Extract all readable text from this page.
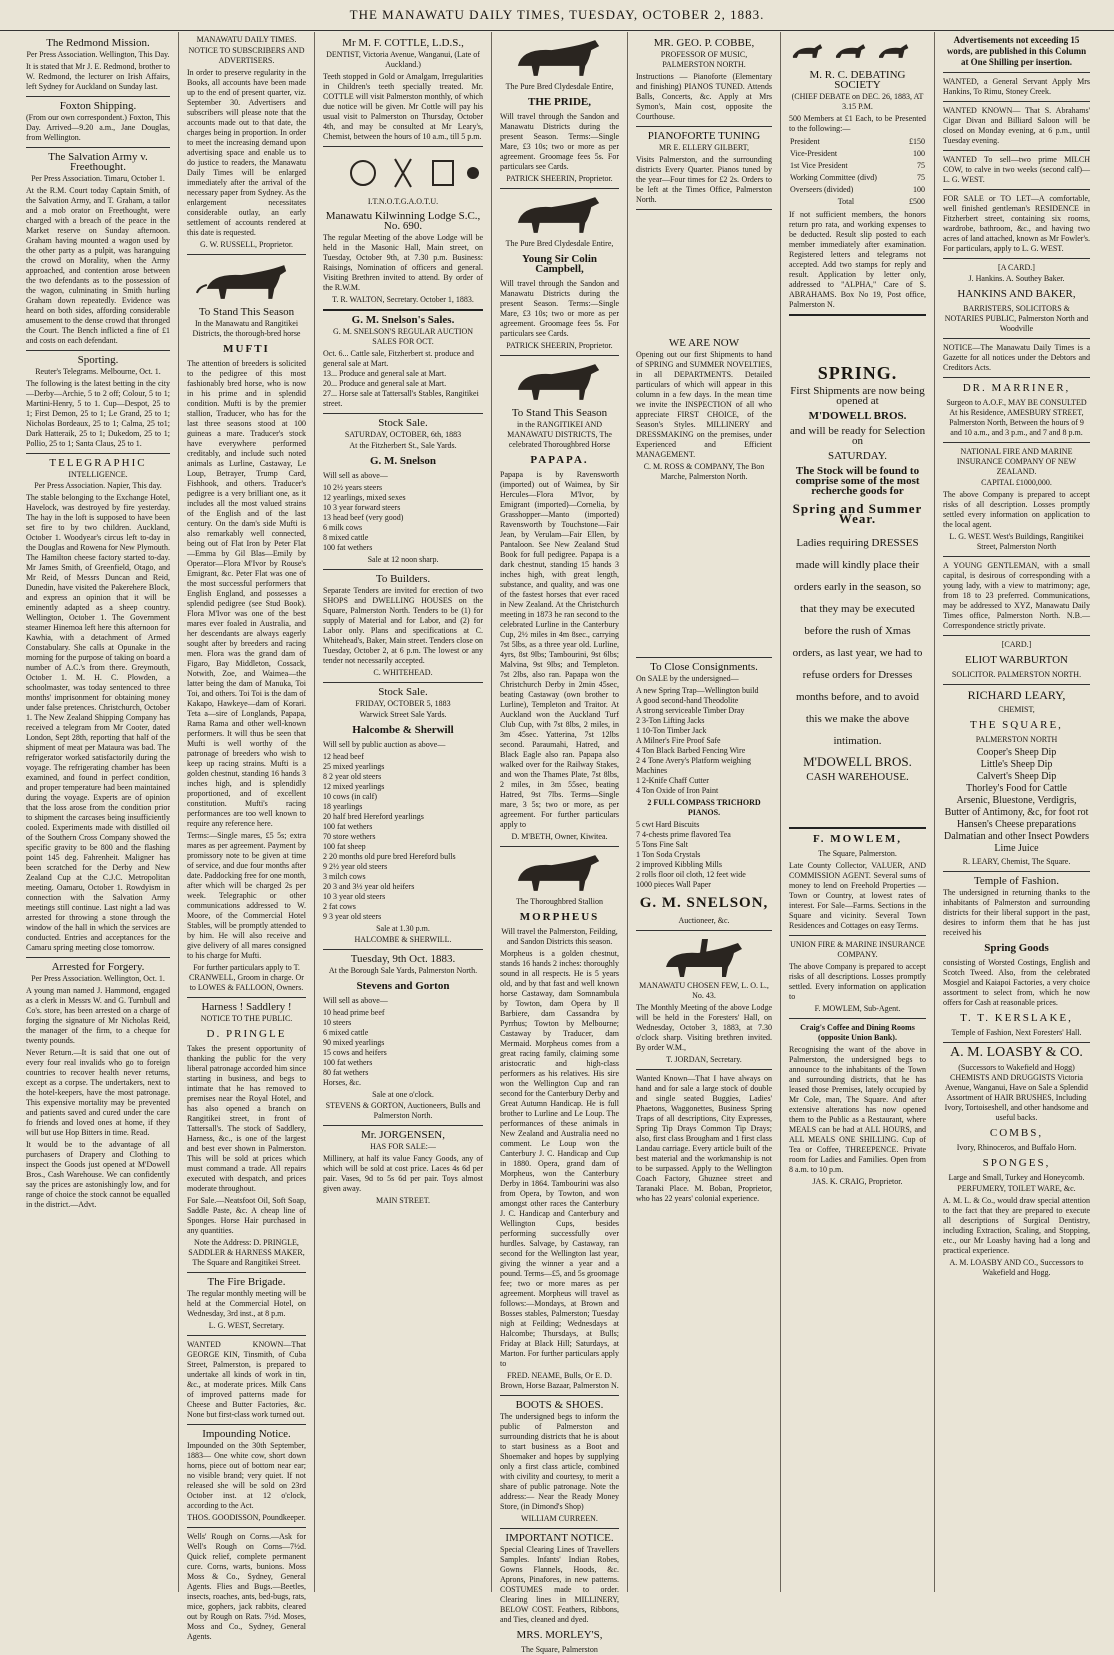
THE MANAWATU DAILY TIMES, TUESDAY, OCTOBER 2, 1883.
The Redmond Mission.
Per Press Association. Wellington, This Day.

It is stated that Mr J. E. Redmond, brother to W. Redmond, the lecturer on Irish Affairs, left Sydney for Auckland on Sunday last.

Foxton Shipping.

(From our own correspondent.) Foxton, This Day. Arrived—9.20 a.m., Jane Douglas, from Wellington.

The Salvation Army v. Freethought.
Per Press Association. Timaru, October 1.

At the R.M. Court today Captain Smith, of the Salvation Army, and T. Graham, a tailor and a mob orator on Freethought, were charged with a breach of the peace in the Market reserve on Sunday afternoon. Graham having mounted a wagon used by the other party as a pulpit, was haranguing the crowd on Morality, when the Army approached, and contention arose between the two defendants as to the possession of the wagon, culminating in Smith hurling Graham down repeatedly. Evidence was heard on both sides, affording considerable amusement to the dense crowd that thronged the Court. The Bench inflicted a fine of £1 and costs on each defendant.

Sporting.
Reuter's Telegrams. Melbourne, Oct. 1.

The following is the latest betting in the city—Derby—Archie, 5 to 2 off; Colour, 5 to 1; Martini-Henry, 5 to 1. Cup—Despot, 25 to 1; First Demon, 25 to 1; Le Grand, 25 to 1; Nicholas Bordeaux, 25 to 1; Calma, 25 to1; Dark Hatteraik, 25 to 1; Dukedom, 25 to 1; Pollio, 25 to 1; Santa Claus, 25 to 1.

TELEGRAPHIC
INTELLIGENCE.
Per Press Association. Napier, This day.

The stable belonging to the Exchange Hotel, Havelock, was destroyed by fire yesterday. The hay in the loft is supposed to have been set fire to by two children. Auckland, October 1. Woodyear's circus left to-day in the Douglas and Rowena for New Plymouth. The Hamilton cheese factory started to-day. Mr James Smith, of Greenfield, Otago, and Mr Reid, of Messrs Duncan and Reid, Dunedin, have visited the Pakerehere Block, and express an opinion that it will be eminently adapted as a sheep country. Wellington, October 1. The Government steamer Hinemoa left here this afternoon for Kawhia, with a detachment of Armed Constabulary. She calls at Opunake in the morning for the purpose of taking on board a number of A.C.'s from there. Greymouth, October 1. M. H. C. Plowden, a schoolmaster, was today sentenced to three months' imprisonment for obtaining money under false pretences. Christchurch, October 1. The New Zealand Shipping Company has received a telegram from Mr Cooter, dated London, Sept 28th, reporting that half of the shipment of meat per Mataura was bad. The refrigerator worked satisfactorily during the voyage. The refrigerating chamber has been examined, and found in perfect condition, and proper temperature had been maintained during the voyage. Experts are of opinion that the loss arose from the condition prior to shipment the carcases being insufficiently cooled. Experiments made with distilled oil of the Southern Cross Company showed the specific gravity to be 800 and the flashing point 145 deg. Fahrenheit. Maligner has been scratched for the Derby and New Zealand Cup at the C.J.C. Metropolitan meeting. Oamaru, October 1. Rowdyism in connection with the Salvation Army meetings still continue. Last night a lad was arrested for throwing a stone through the window of the hall in which the services are conducted. Entries and acceptances for the Camaru spring meeting close tomorrow.

Arrested for Forgery.
Per Press Association. Wellington, Oct. 1.

A young man named J. Hammond, engaged as a clerk in Messrs W. and G. Turnbull and Co's. store, has been arrested on a charge of forging the signature of Mr Nicholas Reid, the manager of the firm, to a cheque for twenty pounds.

Never Return.—It is said that one out of every four real invalids who go to foreign countries to recover health never returns, except as a corpse. The undertakers, next to the hotel-keepers, have the most patronage. This expensive mortality may be prevented and patients saved and cured under the care fo friends and loved ones at home, if they will but use Hop Bitters in time. Read.

It would be to the advantage of all purchasers of Drapery and Clothing to inspect the Goods just opened at M'Dowell Bros., Cash Warehouse. We can confidently say the prices are astonishingly low, and for range of choice the stock cannot be equalled in the district.—Advt.

MANAWATU DAILY TIMES.
NOTICE TO SUBSCRIBERS AND ADVERTISERS.

In order to preserve regularity in the Books, all accounts have been made up to the end of present quarter, viz. September 30. Advertisers and subscribers will please note that the accounts made out to that date, the charges being in proportion. In order to meet the increasing demand upon advertising space and enable us to do justice to readers, the Manawatu Daily Times will be enlarged immediately after the arrival of the necessary paper from Sydney. As the enlargement necessitates considerable outlay, an early settlement of accounts rendered at this date is requested.

G. W. RUSSELL, Proprietor.
To Stand This Season
In the Manawatu and Rangitikei Districts, the thorough-bred horse
MUFTI

The attention of breeders is solicited to the pedigree of this most fashionably bred horse, who is now in his prime and in splendid condition. Mufti is by the premier stallion, Traducer, who has for the last three seasons stood at 100 guineas a mare. Traducer's stock have everywhere performed creditably, and include such noted animals as Lurline, Castaway, Le Loup, Betrayer, Trump Card, Fishhook, and others. Traducer's pedigree is a very brilliant one, as it includes all the most valued strains of the English and of the last century. On the dam's side Mufti is also remarkably well connected, being out of Flat Iron by Peter Flat—Emma by Gil Blas—Emily by Operator—Flora M'Ivor by Rouse's Emigrant, &c. Peter Flat was one of the most successful performers that English England, and possesses a splendid pedigree (see Stud Book). Flora M'Ivor was one of the best mares ever foaled in Australia, and her descendants are always eagerly sought after by breeders and racing men. Flora was the grand dam of Figaro, Bay Middleton, Cossack, Notwith, Zoe, and Waimea—the latter being the dam of Manuka, Toi Toi, and others. Toi Toi is the dam of Kakapo, Hawkeye—dam of Korari. Teta a—sire of Longlands, Papapa, Rama Rama and other well-known performers. It will thus be seen that Mufti is well worthy of the patronage of breeders who wish to keep up racing strains. Mufti is a golden chestnut, standing 16 hands 3 inches high, and is splendidly proportioned, and of excellent constitution. Mufti's racing performances are too well known to require any reference here.

Terms:—Single mares, £5 5s; extra mares as per agreement. Payment by promissory note to be given at time of service, and due four months after date. Paddocking free for one month, after which will be charged 2s per week. Telegraphic or other communications addressed to W. Moore, of the Commercial Hotel Stables, will be promptly attended to by him. He will also receive and give delivery of all mares consigned to his charge for Mufti.

For further particulars apply to T. CRANWELL, Groom in charge. Or to LOWES & FALLOON, Owners.
Harness ! Saddlery !
NOTICE TO THE PUBLIC.
D. PRINGLE

Takes the present opportunity of thanking the public for the very liberal patronage accorded him since starting in business, and begs to intimate that he has removed to premises near the Royal Hotel, and has also opened a branch on Rangitikei street, in front of Tattersall's. The stock of Saddlery, Harness, &c., is one of the largest and best ever shown in Palmerston. This will be sold at prices which must command a trade. All repairs executed with despatch, and prices moderate throughout.

For Sale.—Neatsfoot Oil, Soft Soap, Saddle Paste, &c. A cheap line of Sponges. Horse Hair purchased in any quantities.

Note the Address: D. PRINGLE, SADDLER & HARNESS MAKER, The Square and Rangitikei Street.
The Fire Brigade.

The regular monthly meeting will be held at the Commercial Hotel, on Wednesday, 3rd inst., at 8 p.m.

L. G. WEST, Secretary.

WANTED KNOWN—That GEORGE KIN, Tinsmith, of Cuba Street, Palmerston, is prepared to undertake all kinds of work in tin, &c., at moderate prices. Milk Cans of improved patterns made for Cheese and Butter Factories, &c. None but first-class work turned out.

Impounding Notice.

Impounded on the 30th September, 1883— One white cow, short down horns, piece out of bottom near ear; no visible brand; very quiet. If not released she will be sold on 23rd October inst. at 12 o'clock, according to the Act.

THOS. GOODISSON, Poundkeeper.

Wells' Rough on Corns.—Ask for Well's Rough on Corns—7½d. Quick relief, complete permanent cure. Corns, warts, bunions. Moss Moss & Co., Sydney, General Agents. Flies and Bugs.—Beetles, insects, roaches, ants, bed-bugs, rats, mice, gophers, jack rabbits, cleared out by Rough on Rats. 7½d. Moses, Moss and Co., Sydney, General Agents.

Mr M. F. COTTLE, L.D.S.,
DENTIST, Victoria Avenue, Wanganui, (Late of Auckland.)

Teeth stopped in Gold or Amalgam, Irregularities in Children's teeth specially treated. Mr. COTTLE will visit Palmerston monthly, of which due notice will be given. Mr Cottle will pay his usual visit to Palmerston on Thursday, October 4th, and may be consulted at Mr Leary's, Chemist, between the hours of 10 a.m., till 5 p.m.

I.T.N.O.T.G.A.O.T.U.
Manawatu Kilwinning Lodge S.C., No. 690.

The regular Meeting of the above Lodge will be held in the Masonic Hall, Main street, on Tuesday, October 9th, at 7.30 p.m. Business: Raisings, Nomination of officers and general. Visiting Brethren invited to attend. By order of the R.W.M.

T. R. WALTON, Secretary. October 1, 1883.
G. M. Snelson's Sales.
G. M. SNELSON'S REGULAR AUCTION SALES FOR OCT.
Oct. 6... Cattle sale, Fitzherbert st. produce and general sale at Mart.
13... Produce and general sale at Mart.
20... Produce and general sale at Mart.
27... Horse sale at Tattersall's Stables, Rangitikei street.
Stock Sale.
SATURDAY, OCTOBER, 6th, 1883
At the Fitzherbert St., Sale Yards.
G. M. Snelson
Will sell as above—
10 2½ years steers
12 yearlings, mixed sexes
10 3 year forward steers
13 head beef (very good)
6 milk cows
8 mixed cattle
100 fat wethers
Sale at 12 noon sharp.
To Builders.

Separate Tenders are invited for erection of two SHOPS and DWELLING HOUSES on the Square, Palmerston North. Tenders to be (1) for supply of Material and for Labor, and (2) for Labor only. Plans and specifications at C. Whitehead's, Baker, Main street. Tenders close on Tuesday, October 2, at 6 p.m. The lowest or any tender not necessarily accepted.

C. WHITEHEAD.
Stock Sale.
FRIDAY, OCTOBER 5, 1883
Warwick Street Sale Yards.
Halcombe & Sherwill
Will sell by public auction as above—
12 head beef
25 mixed yearlings
8 2 year old steers
12 mixed yearlings
10 cows (in calf)
18 yearlings
20 half bred Hereford yearlings
100 fat wethers
70 store wethers
100 fat sheep
2 20 months old pure bred Hereford bulls
9 2½ year old steers
3 milch cows
20 3 and 3½ year old heifers
10 3 year old steers
2 fat cows
9 3 year old steers
Sale at 1.30 p.m.
HALCOMBE & SHERWILL.
Tuesday, 9th Oct. 1883.
At the Borough Sale Yards, Palmerston North.
Stevens and Gorton
Will sell as above—
10 head prime beef
10 steers
6 mixed cattle
90 mixed yearlings
15 cows and heifers
100 fat wethers
80 fat wethers
Horses, &c.
Sale at one o'clock.
STEVENS & GORTON, Auctioneers, Bulls and Palmerston North.
Mr. JORGENSEN,
HAS FOR SALE:—

Millinery, at half its value Fancy Goods, any of which will be sold at cost price. Laces 4s 6d per pair. Vases, 9d to 5s 6d per pair. Toys almost given away.

MAIN STREET.
The Pure Bred Clydesdale Entire,
THE PRIDE,

Will travel through the Sandon and Manawatu Districts during the present Season. Terms:—Single Mare, £3 10s; two or more as per agreement. Groomage fees 5s. For particulars see Cards.

PATRICK SHEERIN, Proprietor.
The Pure Bred Clydesdale Entire,
Young Sir Colin Campbell,

Will travel through the Sandon and Manawatu Districts during the present Season. Terms:—Single Mare, £3 10s; two or more as per agreement. Groomage fees 5s. For particulars see Cards.

PATRICK SHEERIN, Proprietor.
To Stand This Season
in the RANGITIKEI AND MANAWATU DISTRICTS, The celebrated Thoroughbred Horse
PAPAPA.

Papapa is by Ravensworth (imported) out of Waimea, by Sir Hercules—Flora M'Ivor, by Emigrant (imported)—Cornelia, by Grasshopper—Manto (imported) Ravensworth by Touchstone—Fair Jean, by Verulam—Fair Ellen, by Pantaloon. See New Zealand Stud Book for full pedigree. Papapa is a dark chestnut, standing 15 hands 3 inches high, with great length, substance, and quality, and was one of the fastest horses that ever raced in New Zealand. At the Christchurch meeting in 1873 he ran second to the celebrated Lurline in the Canterbury Cup, 2½ miles in 4m 8sec., carrying 7st 5lbs, as a three year old. Lurline, 4yrs, 8st 9lbs; Tambourini, 9st 6lbs; Malvina, 9st 9lbs; and Templeton. 7st 2lbs, also ran. Papapa won the Christchurch Derby in 2min 45sec, beating Castaway (own brother to Lurline), Templeton and Traitor. At Auckland won the Auckland Turf Club Cup, with 7st 8lbs, 2 miles, in 3m 45sec. Yatterina, 7st 12lbs second. Paraumahi, Hatred, and Black Eagle also ran. Papapa also walked over for the Railway Stakes, and won the Thames Plate, 7st 8lbs, 2 miles, in 3m 55sec, beating Hatred, 9st 7lbs. Terms—Single mare, 3 5s; two or more, as per agreement. For further particulars apply to

D. M'BETH, Owner, Kiwitea.
The Thoroughbred Stallion
MORPHEUS
Will travel the Palmerston, Feilding, and Sandon Districts this season.

Morpheus is a golden chestnut, stands 16 hands 2 inches: thoroughly sound in all respects. He is 5 years old, and by that fast and well known horse Castaway, dam Somnambula by Towton, dam Opera by Il Barbiere, dam Cassandra by Pyrrhus; Towton by Melbourne; Castaway by Traducer, dam Mermaid. Morpheus comes from a great racing family, claiming some aristocratic and high-class performers as his relatives. His sire won the Wellington Cup and ran second for the Canterbury Derby and Great Autumn Handicap. He is full brother to Lurline and Le Loup. The performances of these animals in New Zealand and Australia need no comment. Le Loup won the Canterbury J. C. Handicap and Cup in 1880. Opera, grand dam of Morpheus, won the Canterbury Derby in 1864. Tambourini was also from Opera, by Towton, and won amongst other races the Canterbury J. C. Handicap and Canterbury and Wellington Cups, besides performing successfully over hurdles. Salvage, by Castaway, ran second for the Wellington last year, giving the winner a year and a pound. Terms—£5, and 5s groomage fee; two or more mares as per agreement. Morpheus will travel as follows:—Mondays, at Brown and Bosses stables, Palmerston; Tuesday nigh at Feilding; Wednesdays at Halcombe; Thursdays, at Bulls; Friday at Black Hill; Saturdays, at Marton. For further particulars apply to

FRED. NEAME, Bulls, Or E. D. Brown, Horse Bazaar, Palmerston N.
BOOTS & SHOES.

The undersigned begs to inform the public of Palmerston and surrounding districts that he is about to start business as a Boot and Shoemaker and hopes by supplying only a first class article, combined with civility and courtesy, to merit a share of public patronage. Note the address:— Near the Ready Money Store, (in Dimond's Shop)

WILLIAM CURREEN.
IMPORTANT NOTICE.

Special Clearing Lines of Travellers Samples. Infants' Indian Robes, Gowns Flannels, Hoods, &c. Aprons, Pinafores, in new patterns. COSTUMES made to order. Clearing lines in MILLINERY, BELOW COST. Feathers, Ribbons, and Ties, cleaned and dyed.

MRS. MORLEY'S,
The Square, Palmerston
MR. GEO. P. COBBE,
PROFESSOR OF MUSIC, PALMERSTON NORTH.

Instructions — Pianoforte (Elementary and finishing) PIANOS TUNED. Attends Balls, Concerts, &c. Apply at Mrs Symon's, Main cost, opposite the Courthouse.

PIANOFORTE TUNING
MR E. ELLERY GILBERT,

Visits Palmerston, and the surrounding districts Every Quarter. Pianos tuned by the year—Four times for £2 2s. Orders to be left at the Times Office, Palmerston North.

WE ARE NOW

Opening out our first Shipments to hand of SPRING and SUMMER NOVELTIES, in all DEPARTMENTS. Detailed particulars of which will appear in this column in a few days. In the mean time we invite the INSPECTION of all who appreciate FIRST CHOICE, of the Season's Styles. MILLINERY and DRESSMAKING on the premises, under Experienced and Efficient MANAGEMENT.

C. M. ROSS & COMPANY, The Bon Marche, Palmerston North.
To Close Consignments.
On SALE by the undersigned—
A new Spring Trap—Wellington build
A good second-hand Theodolite
A strong serviceable Timber Dray
2 3-Ton Lifting Jacks
1 10-Ton Timber Jack
A Milner's Fire Proof Safe
4 Ton Black Barbed Fencing Wire
2 4 Tone Avery's Platform weighing Machines
1 2-Knife Chaff Cutter
4 Ton Oxide of Iron Paint
2 FULL COMPASS TRICHORD PIANOS.
5 cwt Hard Biscuits
7 4-chests prime flavored Tea
5 Tons Fine Salt
1 Ton Soda Crystals
2 improved Kibbling Mills
2 rolls floor oil cloth, 12 feet wide
1000 pieces Wall Paper
G. M. SNELSON,
Auctioneer, &c.
MANAWATU CHOSEN FEW, L. O. L., No. 43.

The Monthly Meeting of the above Lodge will be held in the Foresters' Hall, on Wednesday, October 3, 1883, at 7.30 o'clock sharp. Visiting brethren invited. By order W.M.,

T. JORDAN, Secretary.

Wanted Known—That I have always on hand and for sale a large stock of double and single seated Buggies, Ladies' Phaetons, Waggonettes, Business Spring Traps of all descriptions, City Expresses, Spring Tip Drays Common Tip Drays; also, first class Brougham and 1 first class Landau carriage. Every article built of the best material and the workmanship is not to be surpassed. Apply to the Wellington Coach Factory, Ghuznee street and Taranaki Place. M. Boban, Proprietor, who has 22 years' colonial experience.

M. R. C. DEBATING SOCIETY
(CHIEF DEBATE on DEC. 26, 1883, AT 3.15 P.M.

500 Members at £1 Each, to be Presented to the following:—

President	£150
Vice-President	100
1st Vice President	75
Working Committee (divd)	75
Overseers (divided)	100
Total	£500

If not sufficient members, the honors return pro rata, and working expenses to be deducted. Result slip posted to each member immediately after examination. Registered letters and telegrams not accepted. Add two stamps for reply and result. Application by letter only, addressed to "ALPHA," Care of S. ABRAHAMS. Box No 19, Post office, Palmerston N.

SPRING.
First Shipments are now being opened at
M'DOWELL BROS.
and will be ready for Selection on
SATURDAY.
The Stock will be found to comprise some of the most recherche goods for
Spring and Summer Wear.
Ladies requiring DRESSES made will kindly place their orders early in the season, so that they may be executed before the rush of Xmas orders, as last year, we had to refuse orders for Dresses months before, and to avoid this we make the above intimation.
M'DOWELL BROS.
CASH WAREHOUSE.
F. MOWLEM,
The Square, Palmerston.

Late County Collector, VALUER, AND COMMISSION AGENT. Several sums of money to lend on Freehold Properties — Town or Country, at lowest rates of interest. For Sale—Farms. Sections in the Square and vicinity. Several Town Residences and Cottages on easy Terms.

UNION FIRE & MARINE INSURANCE COMPANY.

The above Company is prepared to accept risks of all descriptions. Losses promptly settled. Every information on application to

F. MOWLEM, Sub-Agent.
Craig's Coffee and Dining Rooms (opposite Union Bank).

Recognising the want of the above in Palmerston, the undersigned begs to announce to the inhabitants of the Town and surrounding districts, that he has leased those Premises, lately occupied by Mr Cole, man, The Square. And after extensive alterations has now opened them to the Public as a Restaurant, where MEALS can be had at ALL HOURS, and ALL MEALS ONE SHILLING. Cup of Tea or Coffee, THREEPENCE. Private room for Ladies and Families. Open from 8 a.m. to 10 p.m.

JAS. K. CRAIG, Proprietor.
Advertisements not exceeding 15 words, are published in this Column at One Shilling per insertion.

WANTED, a General Servant Apply Mrs Hankins, To Rimu, Stoney Creek.

WANTED KNOWN— That S. Abrahams' Cigar Divan and Billiard Saloon will be closed on Monday evening, at 6 p.m., until Tuesday evening.

WANTED To sell—two prime MILCH COW, to calve in two weeks (second calf)—L. G. WEST.

FOR SALE or TO LET—A comfortable, well finished gentleman's RESIDENCE in Fitzherbert street, containing six rooms, wardrobe, bathroom, &c., and having two acres of land attached, known as Mr Fowler's. For particulars, apply to L. G. WEST.

[A CARD.]
J. Hankins. A. Southey Baker.
HANKINS AND BAKER,
BARRISTERS, SOLICITORS & NOTARIES PUBLIC, Palmerston North and Woodville

NOTICE—The Manawatu Daily Times is a Gazette for all notices under the Debtors and Creditors Acts.

DR. MARRINER,
Surgeon to A.O.F., MAY BE CONSULTED At his Residence, AMESBURY STREET, Palmerston North, Between the hours of 9 and 10 a.m., and 3 p.m., and 7 and 8 p.m.
NATIONAL FIRE AND MARINE INSURANCE COMPANY OF NEW ZEALAND.
CAPITAL £1000,000.

The above Company is prepared to accept risks of all description. Losses promptly settled every information on application to the local agent.

L. G. WEST. West's Buildings, Rangitikei Street, Palmerston North

A YOUNG GENTLEMAN, with a small capital, is desirous of corresponding with a young lady, with a view to matrimony; age, from 18 to 23 preferred. Communications, may be addressed to XYZ, Manawatu Daily Times office, Palmerston North. N.B.—Correspondence strictly private.

[CARD.]
ELIOT WARBURTON
SOLICITOR. PALMERSTON NORTH.
RICHARD LEARY,
CHEMIST,
THE SQUARE,
PALMERSTON NORTH
Cooper's Sheep Dip
Little's Sheep Dip
Calvert's Sheep Dip
Thorley's Food for Cattle
Arsenic, Bluestone, Verdigris, Butter of Antimony, &c, for foot rot
Hansen's Cheese preparations
Dalmatian and other Insect Powders
Lime Juice
R. LEARY, Chemist, The Square.
Temple of Fashion.

The undersigned in returning thanks to the inhabitants of Palmerston and surrounding districts for their liberal support in the past, desires to inform them that he has just received his

Spring Goods

consisting of Worsted Costings, English and Scotch Tweed. Also, from the celebrated Mosgiel and Kaiapoi Factories, a very choice assortment to select from, which he now offers for Cash at reasonable prices.

T. T. KERSLAKE,
Temple of Fashion, Next Foresters' Hall.
A. M. LOASBY & CO.
(Successors to Wakefield and Hogg) CHEMISTS AND DRUGGISTS Victoria Avenue, Wanganui, Have on Sale a Splendid Assortment of HAIR BRUSHES, Including Ivory, Tortoiseshell, and other handsome and useful backs.
COMBS,
Ivory, Rhinoceros, and Buffalo Horn.
SPONGES,
Large and Small, Turkey and Honeycomb.
PERFUMERY, TOILET WARE, &c.

A. M. L. & Co., would draw special attention to the fact that they are prepared to execute all descriptions of Surgical Dentistry, including Extraction, Scaling, and Stopping, etc., our Mr Loasby having had a long and practical experience.

A. M. LOASBY AND CO., Successors to Wakefield and Hogg.
